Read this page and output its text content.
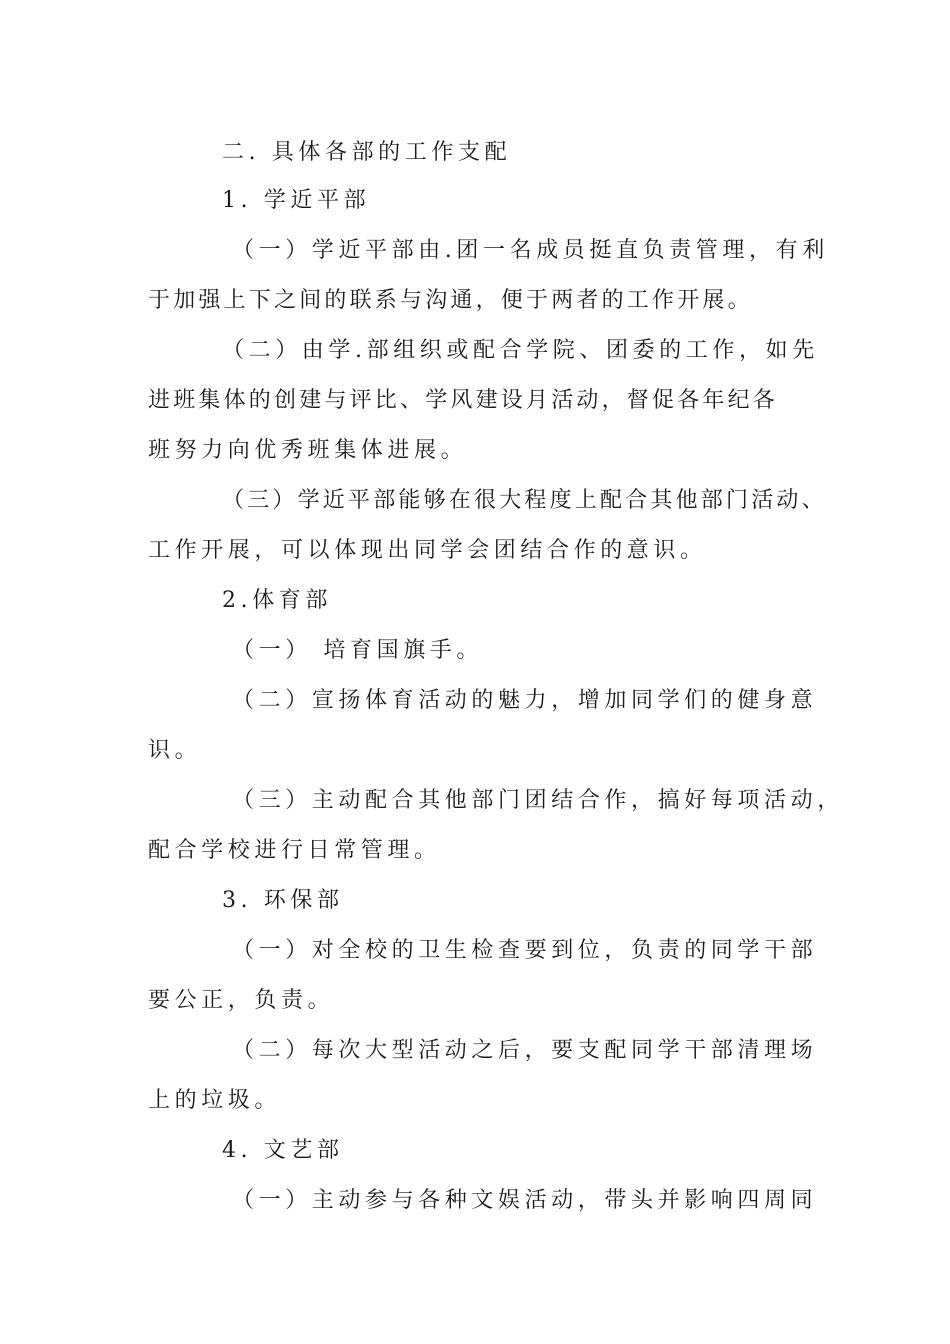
二. 具体各部的工作支配
1. 学近平部
（一）学近平部由.团一名成员挺直负责管理，有利
于加强上下之间的联系与沟通，便于两者的工作开展。
（二）由学.部组织或配合学院、团委的工作，如先
进班集体的创建与评比、学风建设月活动，督促各年纪各
班努力向优秀班集体进展。
（三）学近平部能够在很大程度上配合其他部门活动、
工作开展，可以体现出同学会团结合作的意识。
2.体育部
（一） 培育国旗手。
（二）宣扬体育活动的魅力，增加同学们的健身意
识。
（三）主动配合其他部门团结合作，搞好每项活动，
配合学校进行日常管理。
3. 环保部
（一）对全校的卫生检查要到位，负责的同学干部
要公正，负责。
（二）每次大型活动之后，要支配同学干部清理场
上的垃圾。
4. 文艺部
（一）主动参与各种文娱活动，带头并影响四周同
